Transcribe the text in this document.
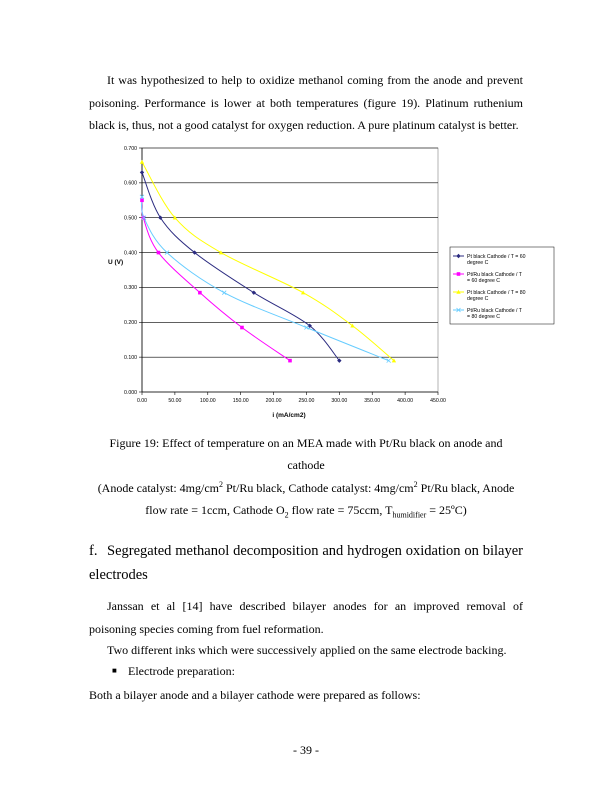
It was hypothesized to help to oxidize methanol coming from the anode and prevent poisoning. Performance is lower at both temperatures (figure 19). Platinum ruthenium black is, thus, not a good catalyst for oxygen reduction. A pure platinum catalyst is better.

0.000
0.100
0.200
0.300
0.400
0.500
0.600
0.700
0.00	50.00	100.00	150.00	200.00	250.00	300.00	350.00	400.00	450.00
U (V)
i (mA/cm2)
Pt black Cathode / T = 60
degree C
Pt/Ru black Cathode / T
= 60 degree C
Pt black Cathode / T = 80
degree C
Pt/Ru black Cathode / T
= 80 degree C

Figure 19: Effect of temperature on an MEA made with Pt/Ru black on anode and

cathode

(Anode catalyst: $4mg/cm^2$ Pt/Ru black, Cathode catalyst: $4mg/cm^2$ Pt/Ru black, Anode

flow rate = 1ccm, Cathode $O_2$ flow rate = 75ccm, $T_{humidifier}$ = 25ºC)

f. Segregated methanol decomposition and hydrogen oxidation on bilayer electrodes

Janssan et al [14] have described bilayer anodes for an improved removal of poisoning species coming from fuel reformation.

Two different inks which were successively applied on the same electrode backing.

■ Electrode preparation:

Both a bilayer anode and a bilayer cathode were prepared as follows:

- 39 -
